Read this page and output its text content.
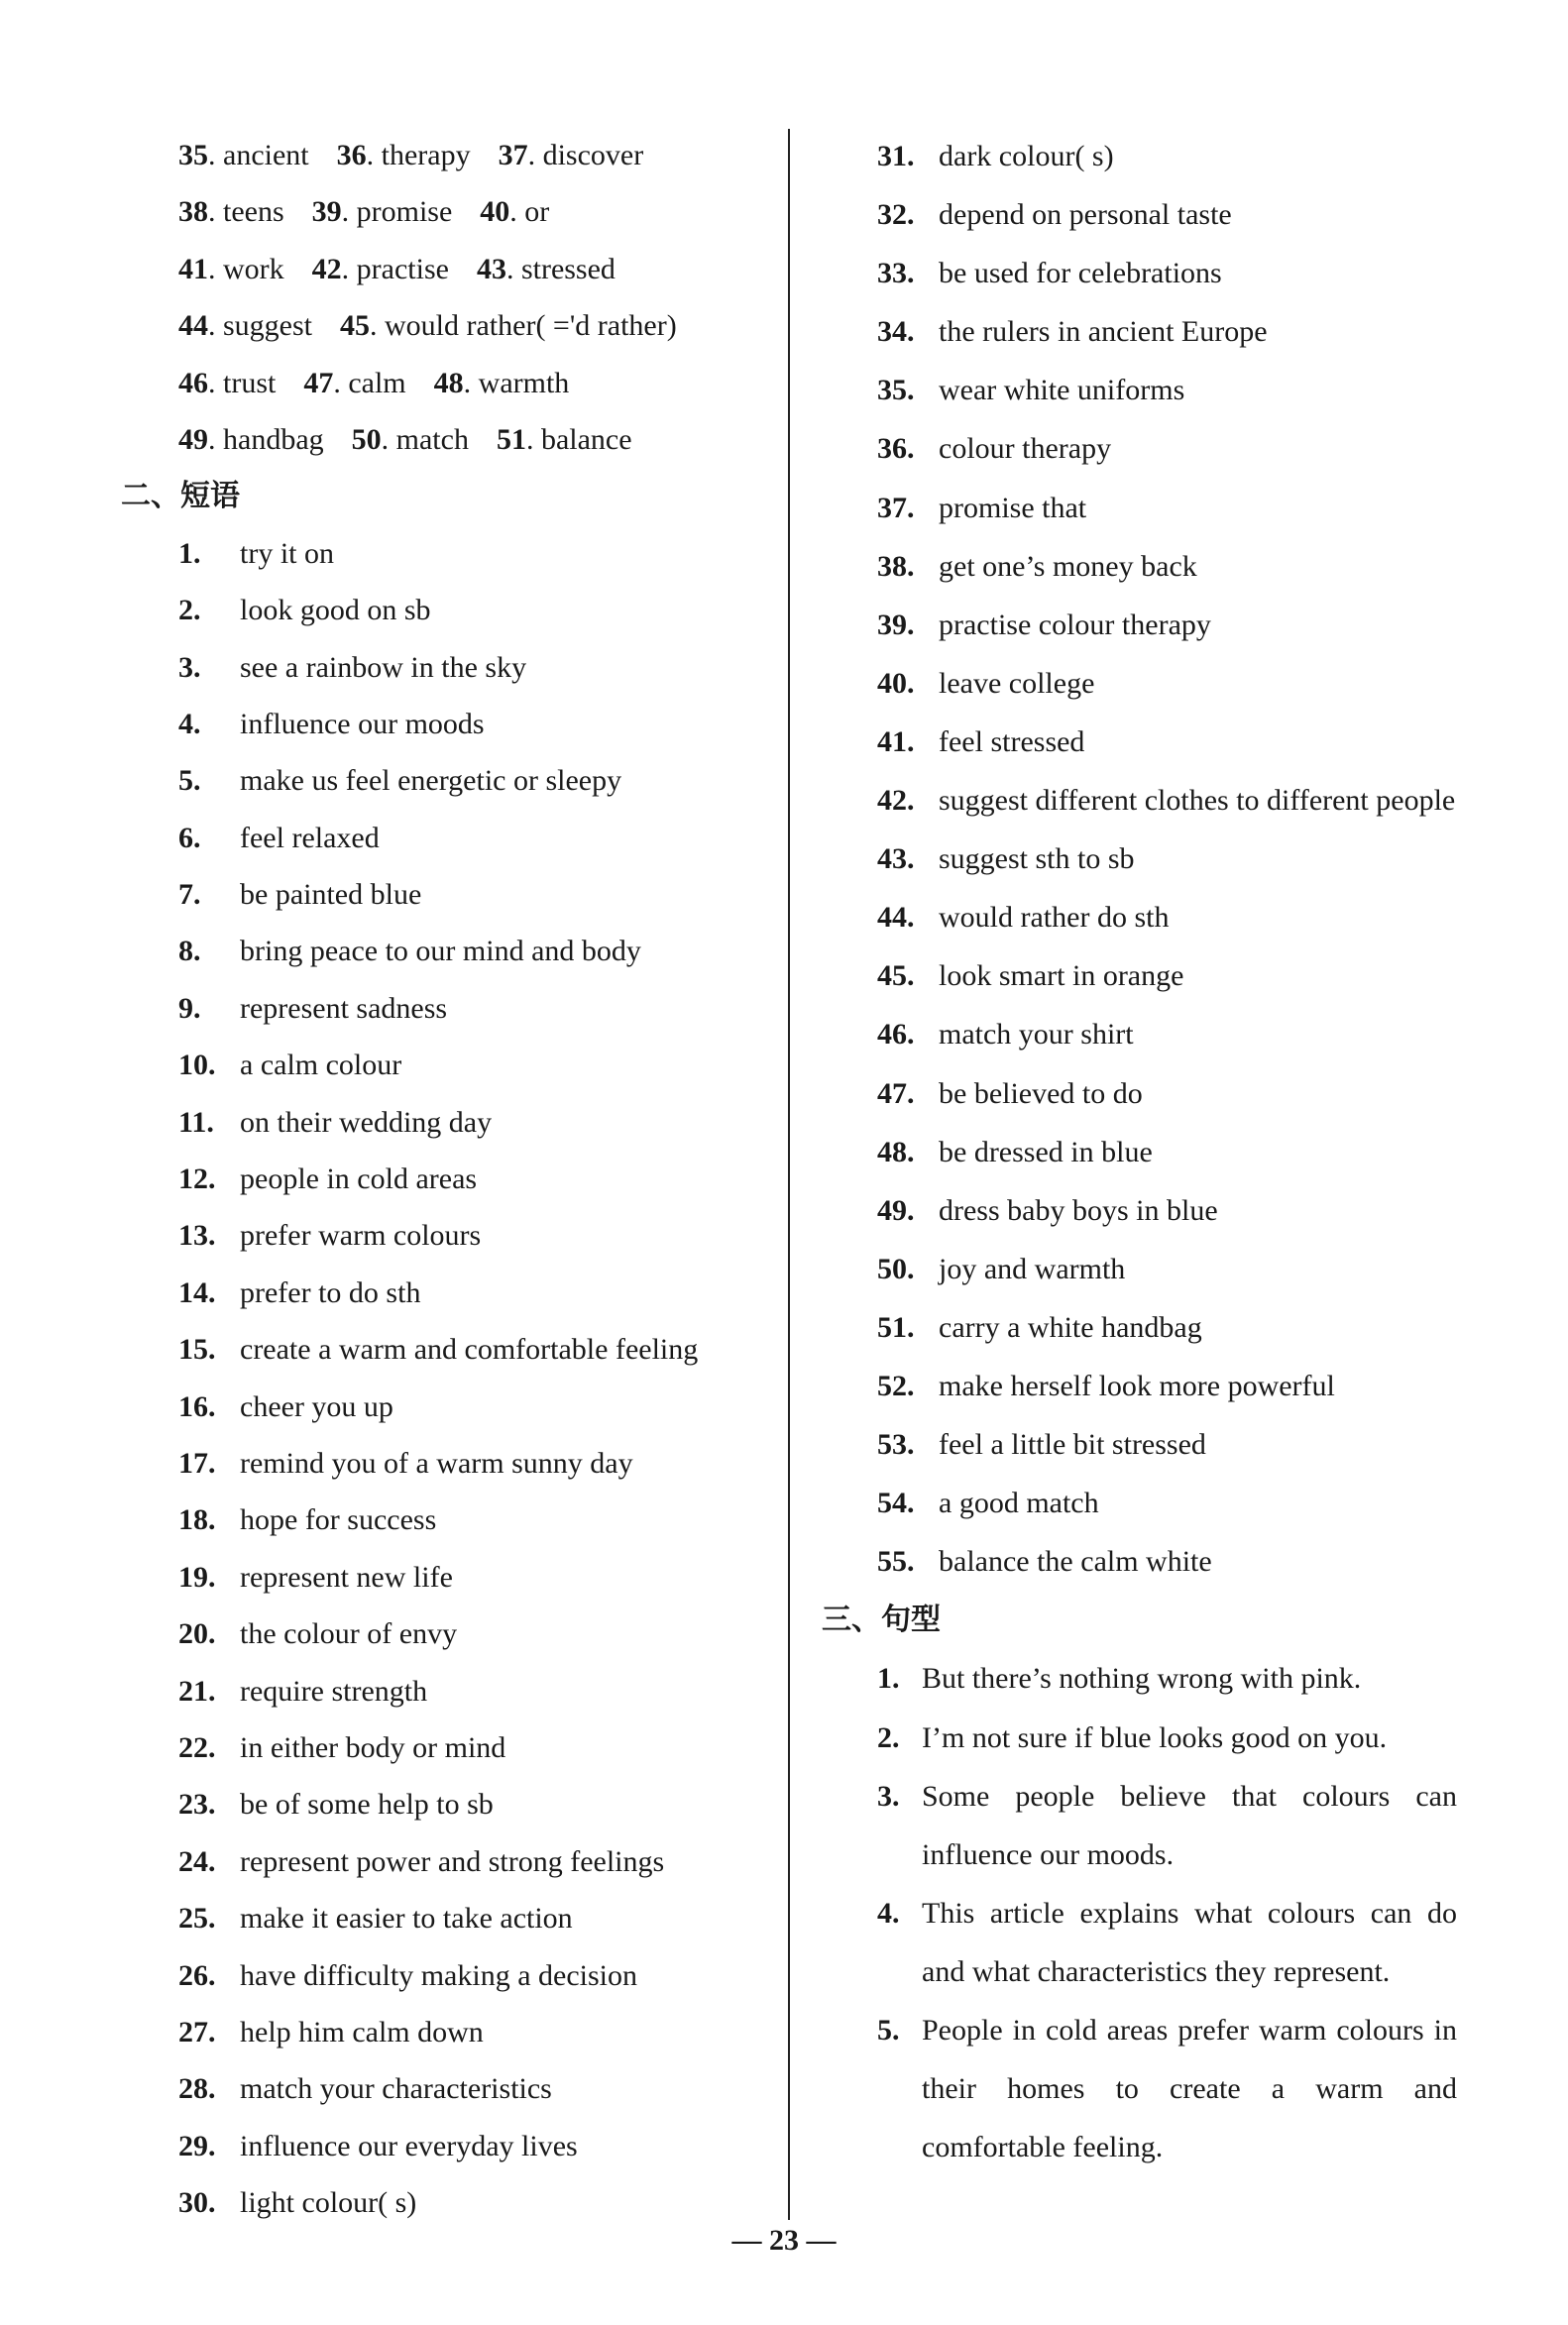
35. ancient 36. therapy 37. discover
38. teens 39. promise 40. or
41. work 42. practise 43. stressed
44. suggest 45. would rather( ='d rather)
46. trust 47. calm 48. warmth
49. handbag 50. match 51. balance
二、短语
1. try it on
2. look good on sb
3. see a rainbow in the sky
4. influence our moods
5. make us feel energetic or sleepy
6. feel relaxed
7. be painted blue
8. bring peace to our mind and body
9. represent sadness
10. a calm colour
11. on their wedding day
12. people in cold areas
13. prefer warm colours
14. prefer to do sth
15. create a warm and comfortable feeling
16. cheer you up
17. remind you of a warm sunny day
18. hope for success
19. represent new life
20. the colour of envy
21. require strength
22. in either body or mind
23. be of some help to sb
24. represent power and strong feelings
25. make it easier to take action
26. have difficulty making a decision
27. help him calm down
28. match your characteristics
29. influence our everyday lives
30. light colour( s)
31. dark colour( s)
32. depend on personal taste
33. be used for celebrations
34. the rulers in ancient Europe
35. wear white uniforms
36. colour therapy
37. promise that
38. get one’s money back
39. practise colour therapy
40. leave college
41. feel stressed
42. suggest different clothes to different people
43. suggest sth to sb
44. would rather do sth
45. look smart in orange
46. match your shirt
47. be believed to do
48. be dressed in blue
49. dress baby boys in blue
50. joy and warmth
51. carry a white handbag
52. make herself look more powerful
53. feel a little bit stressed
54. a good match
55. balance the calm white
三、句型
1. But there’s nothing wrong with pink.
2. I’m not sure if blue looks good on you.
3. Some people believe that colours can influence our moods.
4. This article explains what colours can do and what characteristics they represent.
5. People in cold areas prefer warm colours in their homes to create a warm and comfortable feeling.
— 23 —
